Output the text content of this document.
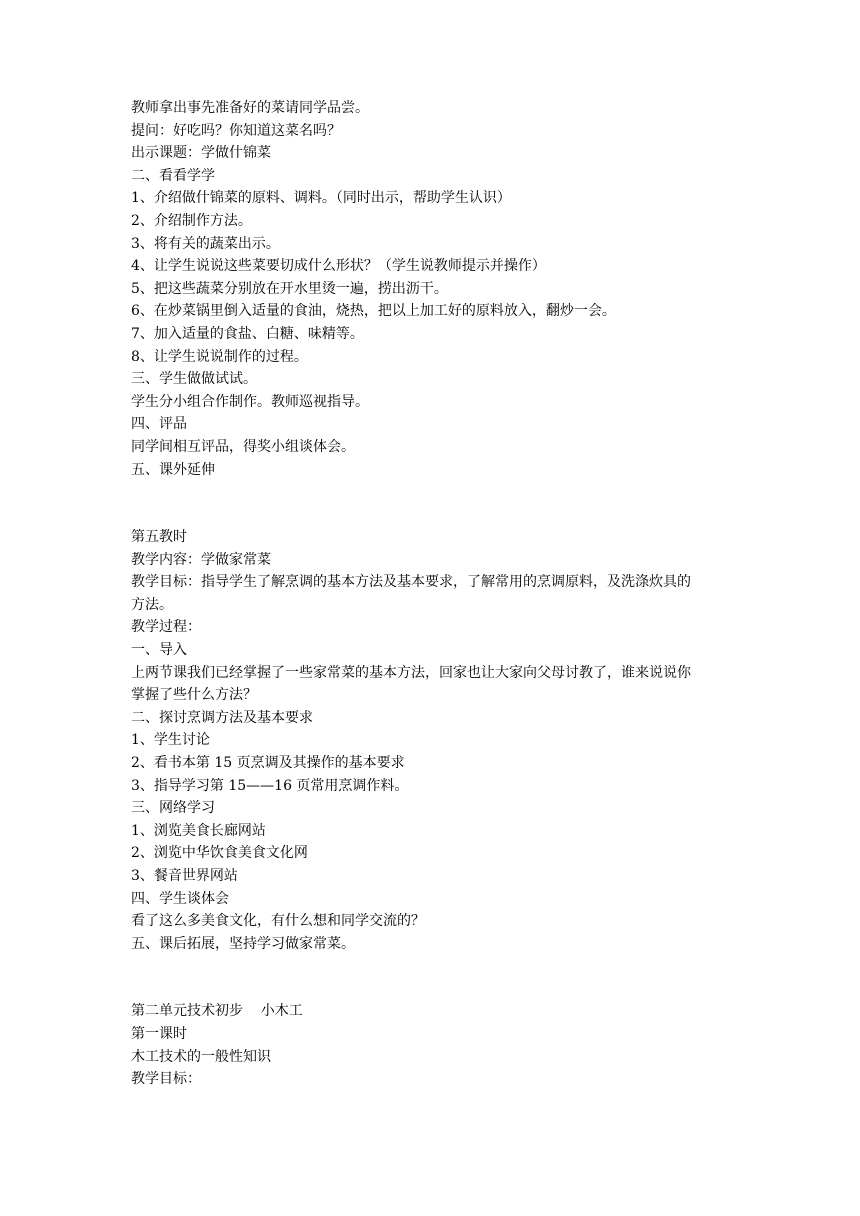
教师拿出事先准备好的菜请同学品尝。
提问：好吃吗？你知道这菜名吗？
出示课题：学做什锦菜
二、看看学学
1、介绍做什锦菜的原料、调料。（同时出示，帮助学生认识）
2、介绍制作方法。
3、将有关的蔬菜出示。
4、让学生说说这些菜要切成什么形状？（学生说教师提示并操作）
5、把这些蔬菜分别放在开水里烫一遍，捞出沥干。
6、在炒菜锅里倒入适量的食油，烧热，把以上加工好的原料放入，翻炒一会。
7、加入适量的食盐、白糖、味精等。
8、让学生说说制作的过程。
三、学生做做试试。
学生分小组合作制作。教师巡视指导。
四、评品
同学间相互评品，得奖小组谈体会。
五、课外延伸
第五教时
教学内容：学做家常菜
教学目标：指导学生了解烹调的基本方法及基本要求，了解常用的烹调原料，及洗涤炊具的
方法。
教学过程：
一、导入
上两节课我们已经掌握了一些家常菜的基本方法，回家也让大家向父母讨教了，谁来说说你
掌握了些什么方法？
二、探讨烹调方法及基本要求
1、学生讨论
2、看书本第 15 页烹调及其操作的基本要求
3、指导学习第 15——16 页常用烹调作料。
三、网络学习
1、浏览美食长廊网站
2、浏览中华饮食美食文化网
3、餐音世界网站
四、学生谈体会
看了这么多美食文化，有什么想和同学交流的？
五、课后拓展，坚持学习做家常菜。
第二单元技术初步    小木工
第一课时
木工技术的一般性知识
教学目标：
